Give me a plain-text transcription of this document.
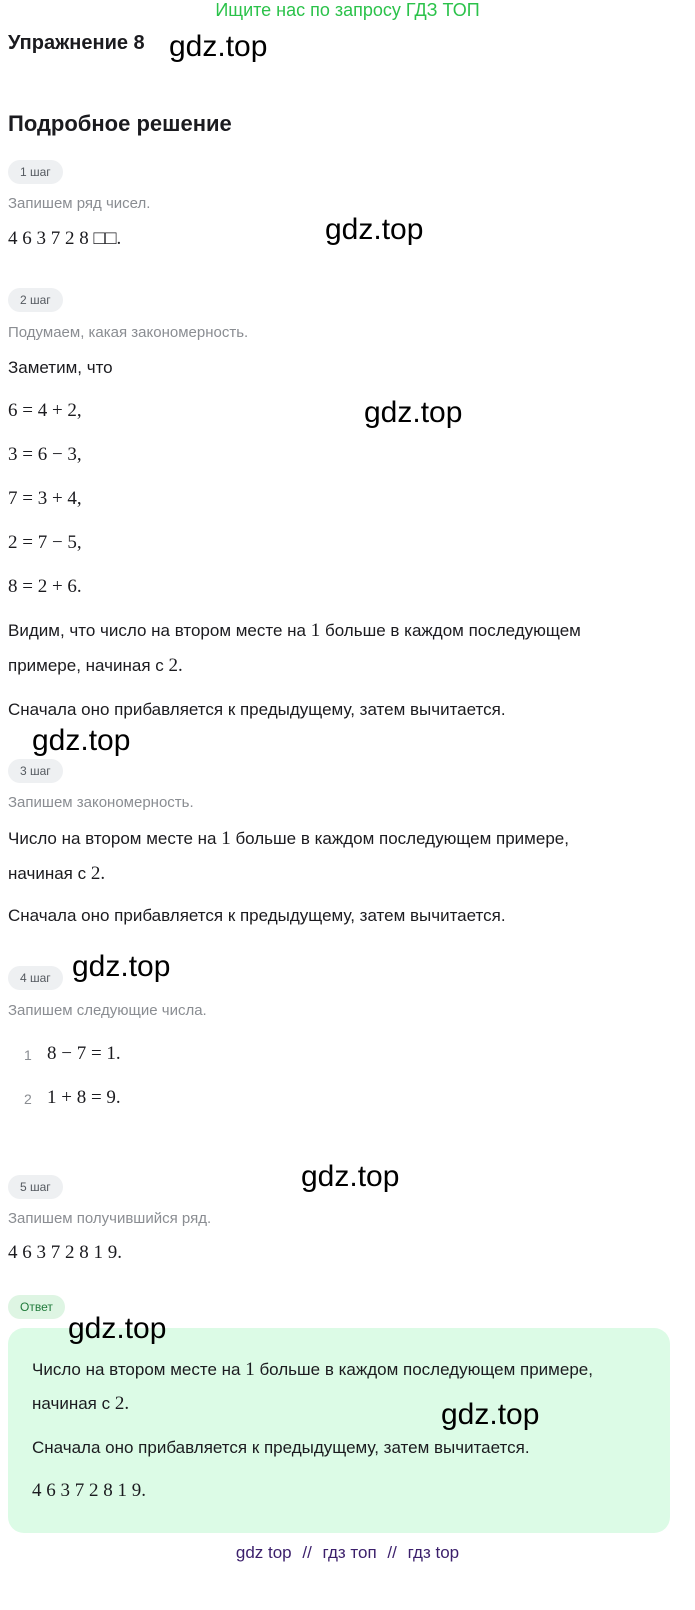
Ищите нас по запросу ГДЗ ТОП
Упражнение 8 gdz.top
Подробное решение
1 шаг
Запишем ряд чисел.
4 6 3 7 2 8 □□.	gdz.top
2 шаг
Подумаем, какая закономерность.
Заметим, что
6 = 4 + 2,
3 = 6 − 3,
7 = 3 + 4,
2 = 7 − 5,
8 = 2 + 6.
gdz.top
Видим, что число на втором месте на 1 больше в каждом последующем
примере, начиная с 2.
Сначала оно прибавляется к предыдущему, затем вычитается.
gdz.top
3 шаг
Запишем закономерность.
Число на втором месте на 1 больше в каждом последующем примере,
начиная с 2.
Сначала оно прибавляется к предыдущему, затем вычитается.
4 шаг gdz.top
Запишем следующие числа.
1 8 − 7 = 1.
2 1 + 8 = 9.
gdz.top
5 шаг
Запишем получившийся ряд.
4 6 3 7 2 8 1 9.
Ответ
gdz.top
Число на втором месте на 1 больше в каждом последующем примере,
начиная с 2.	gdz.top
Сначала оно прибавляется к предыдущему, затем вычитается.
4 6 3 7 2 8 1 9.
gdz top // гдз топ // гдз top
